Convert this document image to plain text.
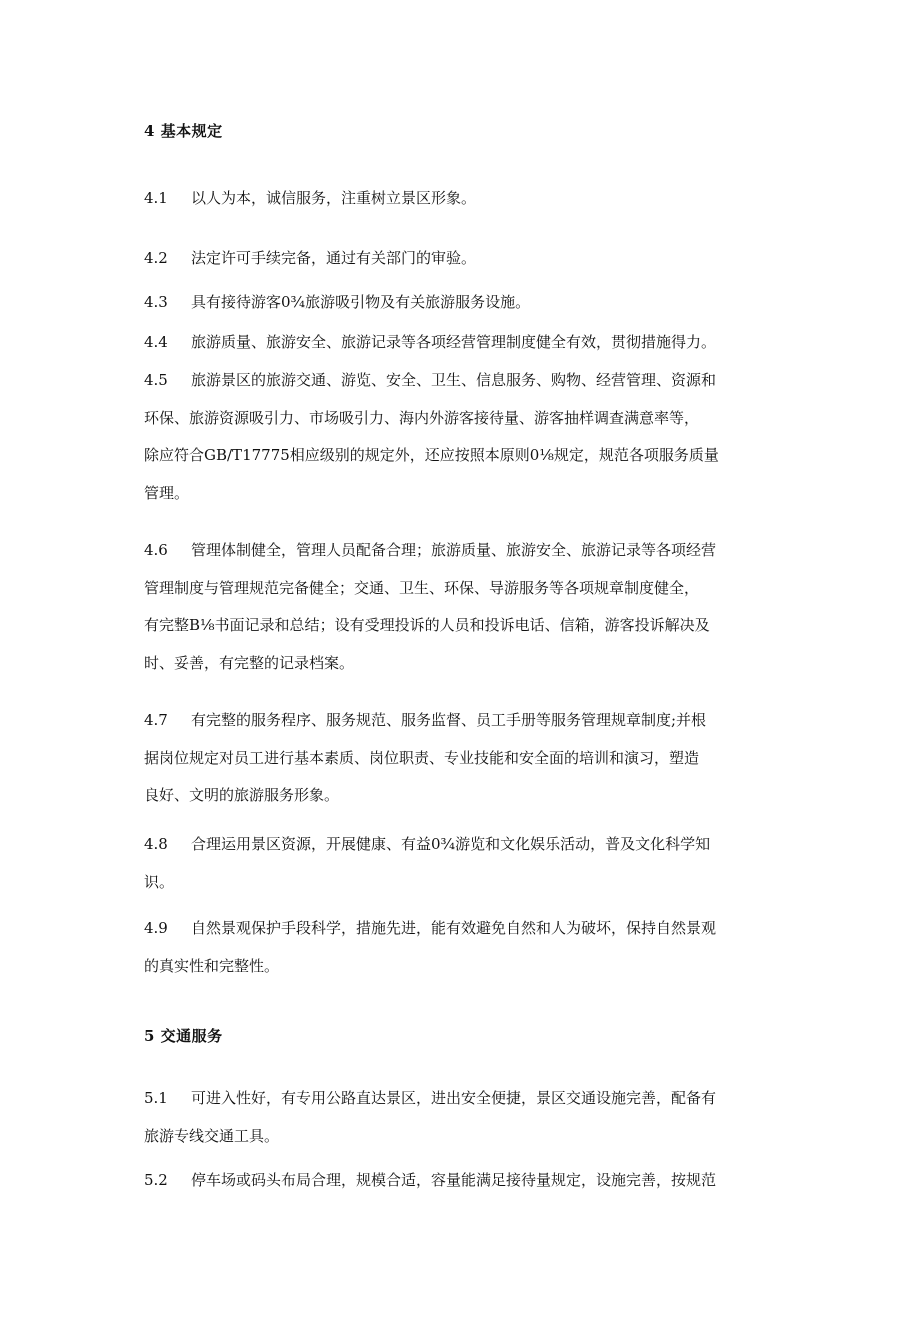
4 基本规定
4.1 以人为本，诚信服务，注重树立景区形象。
4.2 法定许可手续完备，通过有关部门的审验。
4.3 具有接待游客0¾旅游吸引物及有关旅游服务设施。
4.4 旅游质量、旅游安全、旅游记录等各项经营管理制度健全有效，贯彻措施得力。
4.5 旅游景区的旅游交通、游览、安全、卫生、信息服务、购物、经营管理、资源和
环保、旅游资源吸引力、市场吸引力、海内外游客接待量、游客抽样调查满意率等，
除应符合GB/T17775相应级别的规定外，还应按照本原则0⅛规定，规范各项服务质量
管理。
4.6 管理体制健全，管理人员配备合理；旅游质量、旅游安全、旅游记录等各项经营
管理制度与管理规范完备健全；交通、卫生、环保、导游服务等各项规章制度健全，
有完整B⅛书面记录和总结；设有受理投诉的人员和投诉电话、信箱，游客投诉解决及
时、妥善，有完整的记录档案。
4.7 有完整的服务程序、服务规范、服务监督、员工手册等服务管理规章制度;并根
据岗位规定对员工进行基本素质、岗位职责、专业技能和安全面的培训和演习，塑造
良好、文明的旅游服务形象。
4.8 合理运用景区资源，开展健康、有益0¾游览和文化娱乐活动，普及文化科学知
识。
4.9 自然景观保护手段科学，措施先进，能有效避免自然和人为破坏，保持自然景观
的真实性和完整性。
5 交通服务
5.1 可进入性好，有专用公路直达景区，进出安全便捷，景区交通设施完善，配备有
旅游专线交通工具。
5.2 停车场或码头布局合理，规模合适，容量能满足接待量规定，设施完善，按规范
